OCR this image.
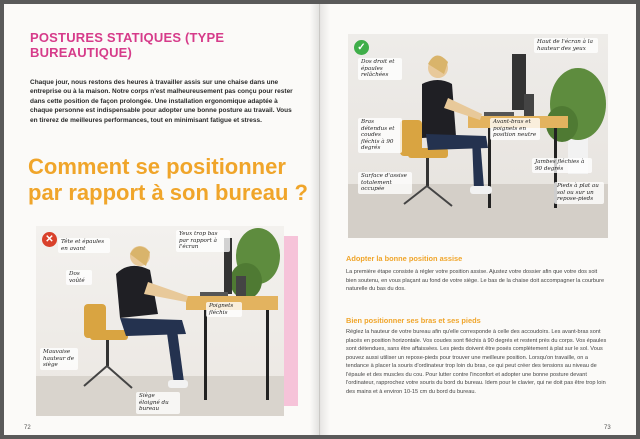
POSTURES STATIQUES (TYPE BUREAUTIQUE)
Chaque jour, nous restons des heures à travailler assis sur une chaise dans une entreprise ou à la maison. Notre corps n'est malheureusement pas conçu pour rester dans cette position de façon prolongée. Une installation ergonomique adaptée à chaque personne est indispensable pour adopter une bonne posture au travail. Vous en tirerez de meilleures performances, tout en minimisant fatigue et stress.
Comment se positionner par rapport à son bureau ?
✕	Tête et épaules en avant
Dos voûté
Yeux trop bas par rapport à l'écran
Poignets fléchis
Mauvaise hauteur de siège
Siège éloigné du bureau
72	73
✓
Dos droit et épaules relâchées
Haut de l'écran à la hauteur des yeux
Bras détendus et coudes fléchis à 90 degrés
Avant-bras et poignets en position neutre
Surface d'assise totalement occupée
Jambes fléchies à 90 degrés
Pieds à plat au sol ou sur un repose-pieds
Adopter la bonne position assise
La première étape consiste à régler votre position assise. Ajustez votre dossier afin que votre dos soit bien soutenu, en vous plaçant au fond de votre siège. Le bas de la chaise doit accompagner la courbure naturelle du bas du dos.
Bien positionner ses bras et ses pieds
Réglez la hauteur de votre bureau afin qu'elle corresponde à celle des accoudoirs. Les avant-bras sont placés en position horizontale. Vos coudes sont fléchis à 90 degrés et restent près du corps. Vos épaules sont détendues, sans être affaissées. Les pieds doivent être posés complètement à plat sur le sol. Vous pouvez aussi utiliser un repose-pieds pour trouver une meilleure position. Lorsqu'on travaille, on a tendance à placer la souris d'ordinateur trop loin du bras, ce qui peut créer des tensions au niveau de l'épaule et des muscles du cou. Pour lutter contre l'inconfort et adopter une bonne posture devant l'ordinateur, rapprochez votre souris du bord du bureau. Idem pour le clavier, qui ne doit pas être trop loin des mains et à environ 10-15 cm du bord du bureau.
